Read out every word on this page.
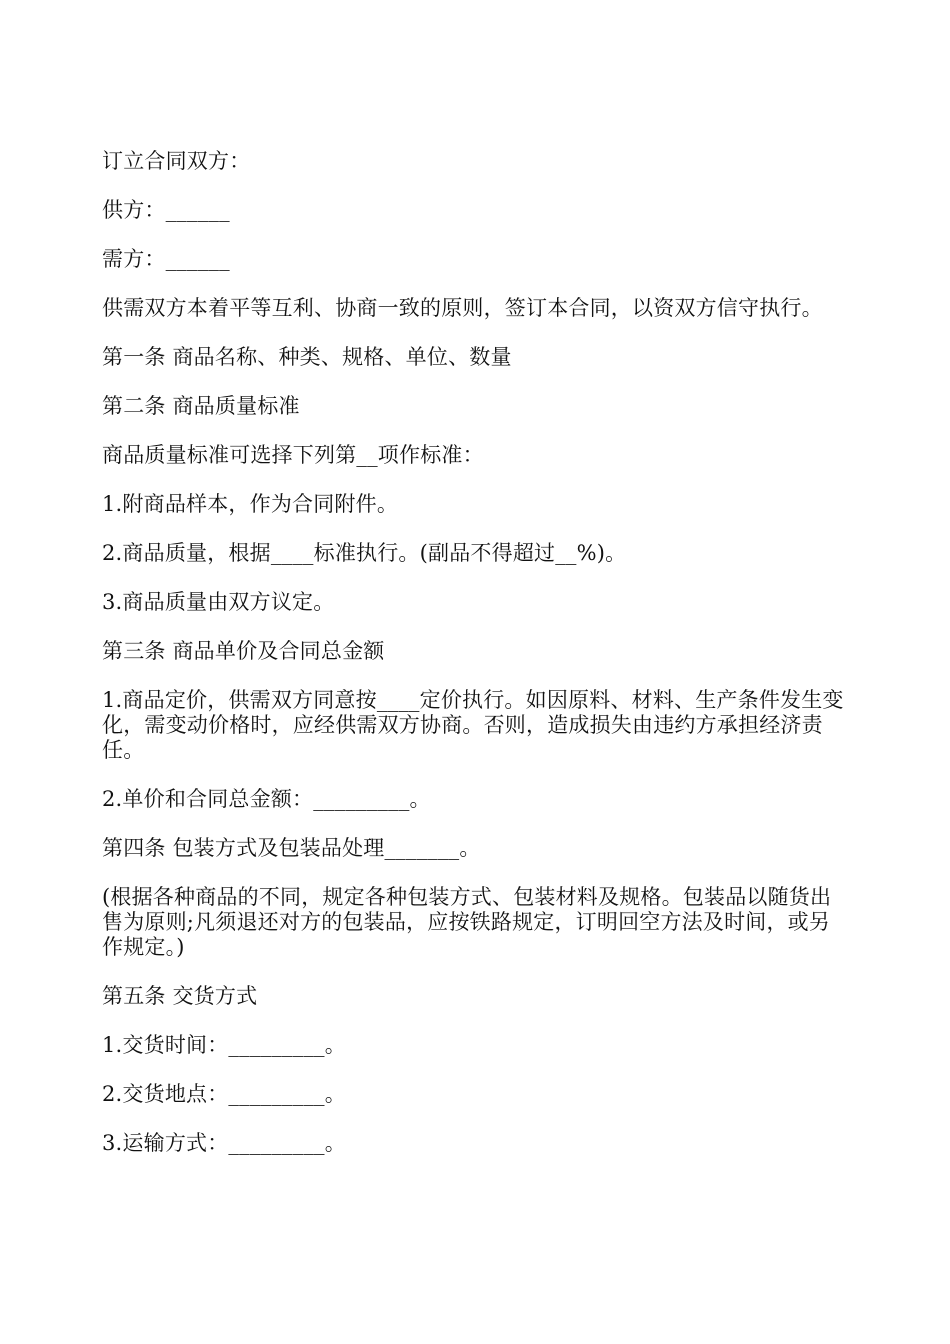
订立合同双方：

供方：______

需方：______

供需双方本着平等互利、协商一致的原则，签订本合同，以资双方信守执行。

第一条 商品名称、种类、规格、单位、数量

第二条 商品质量标准

商品质量标准可选择下列第__项作标准：

1.附商品样本，作为合同附件。

2.商品质量，根据____标准执行。(副品不得超过__%)。

3.商品质量由双方议定。

第三条 商品单价及合同总金额

1.商品定价，供需双方同意按____定价执行。如因原料、材料、生产条件发生变化，需变动价格时，应经供需双方协商。否则，造成损失由违约方承担经济责任。

2.单价和合同总金额：_________。

第四条 包装方式及包装品处理_______。

(根据各种商品的不同，规定各种包装方式、包装材料及规格。包装品以随货出售为原则;凡须退还对方的包装品，应按铁路规定，订明回空方法及时间，或另作规定。)

第五条 交货方式

1.交货时间：_________。

2.交货地点：_________。

3.运输方式：_________。
